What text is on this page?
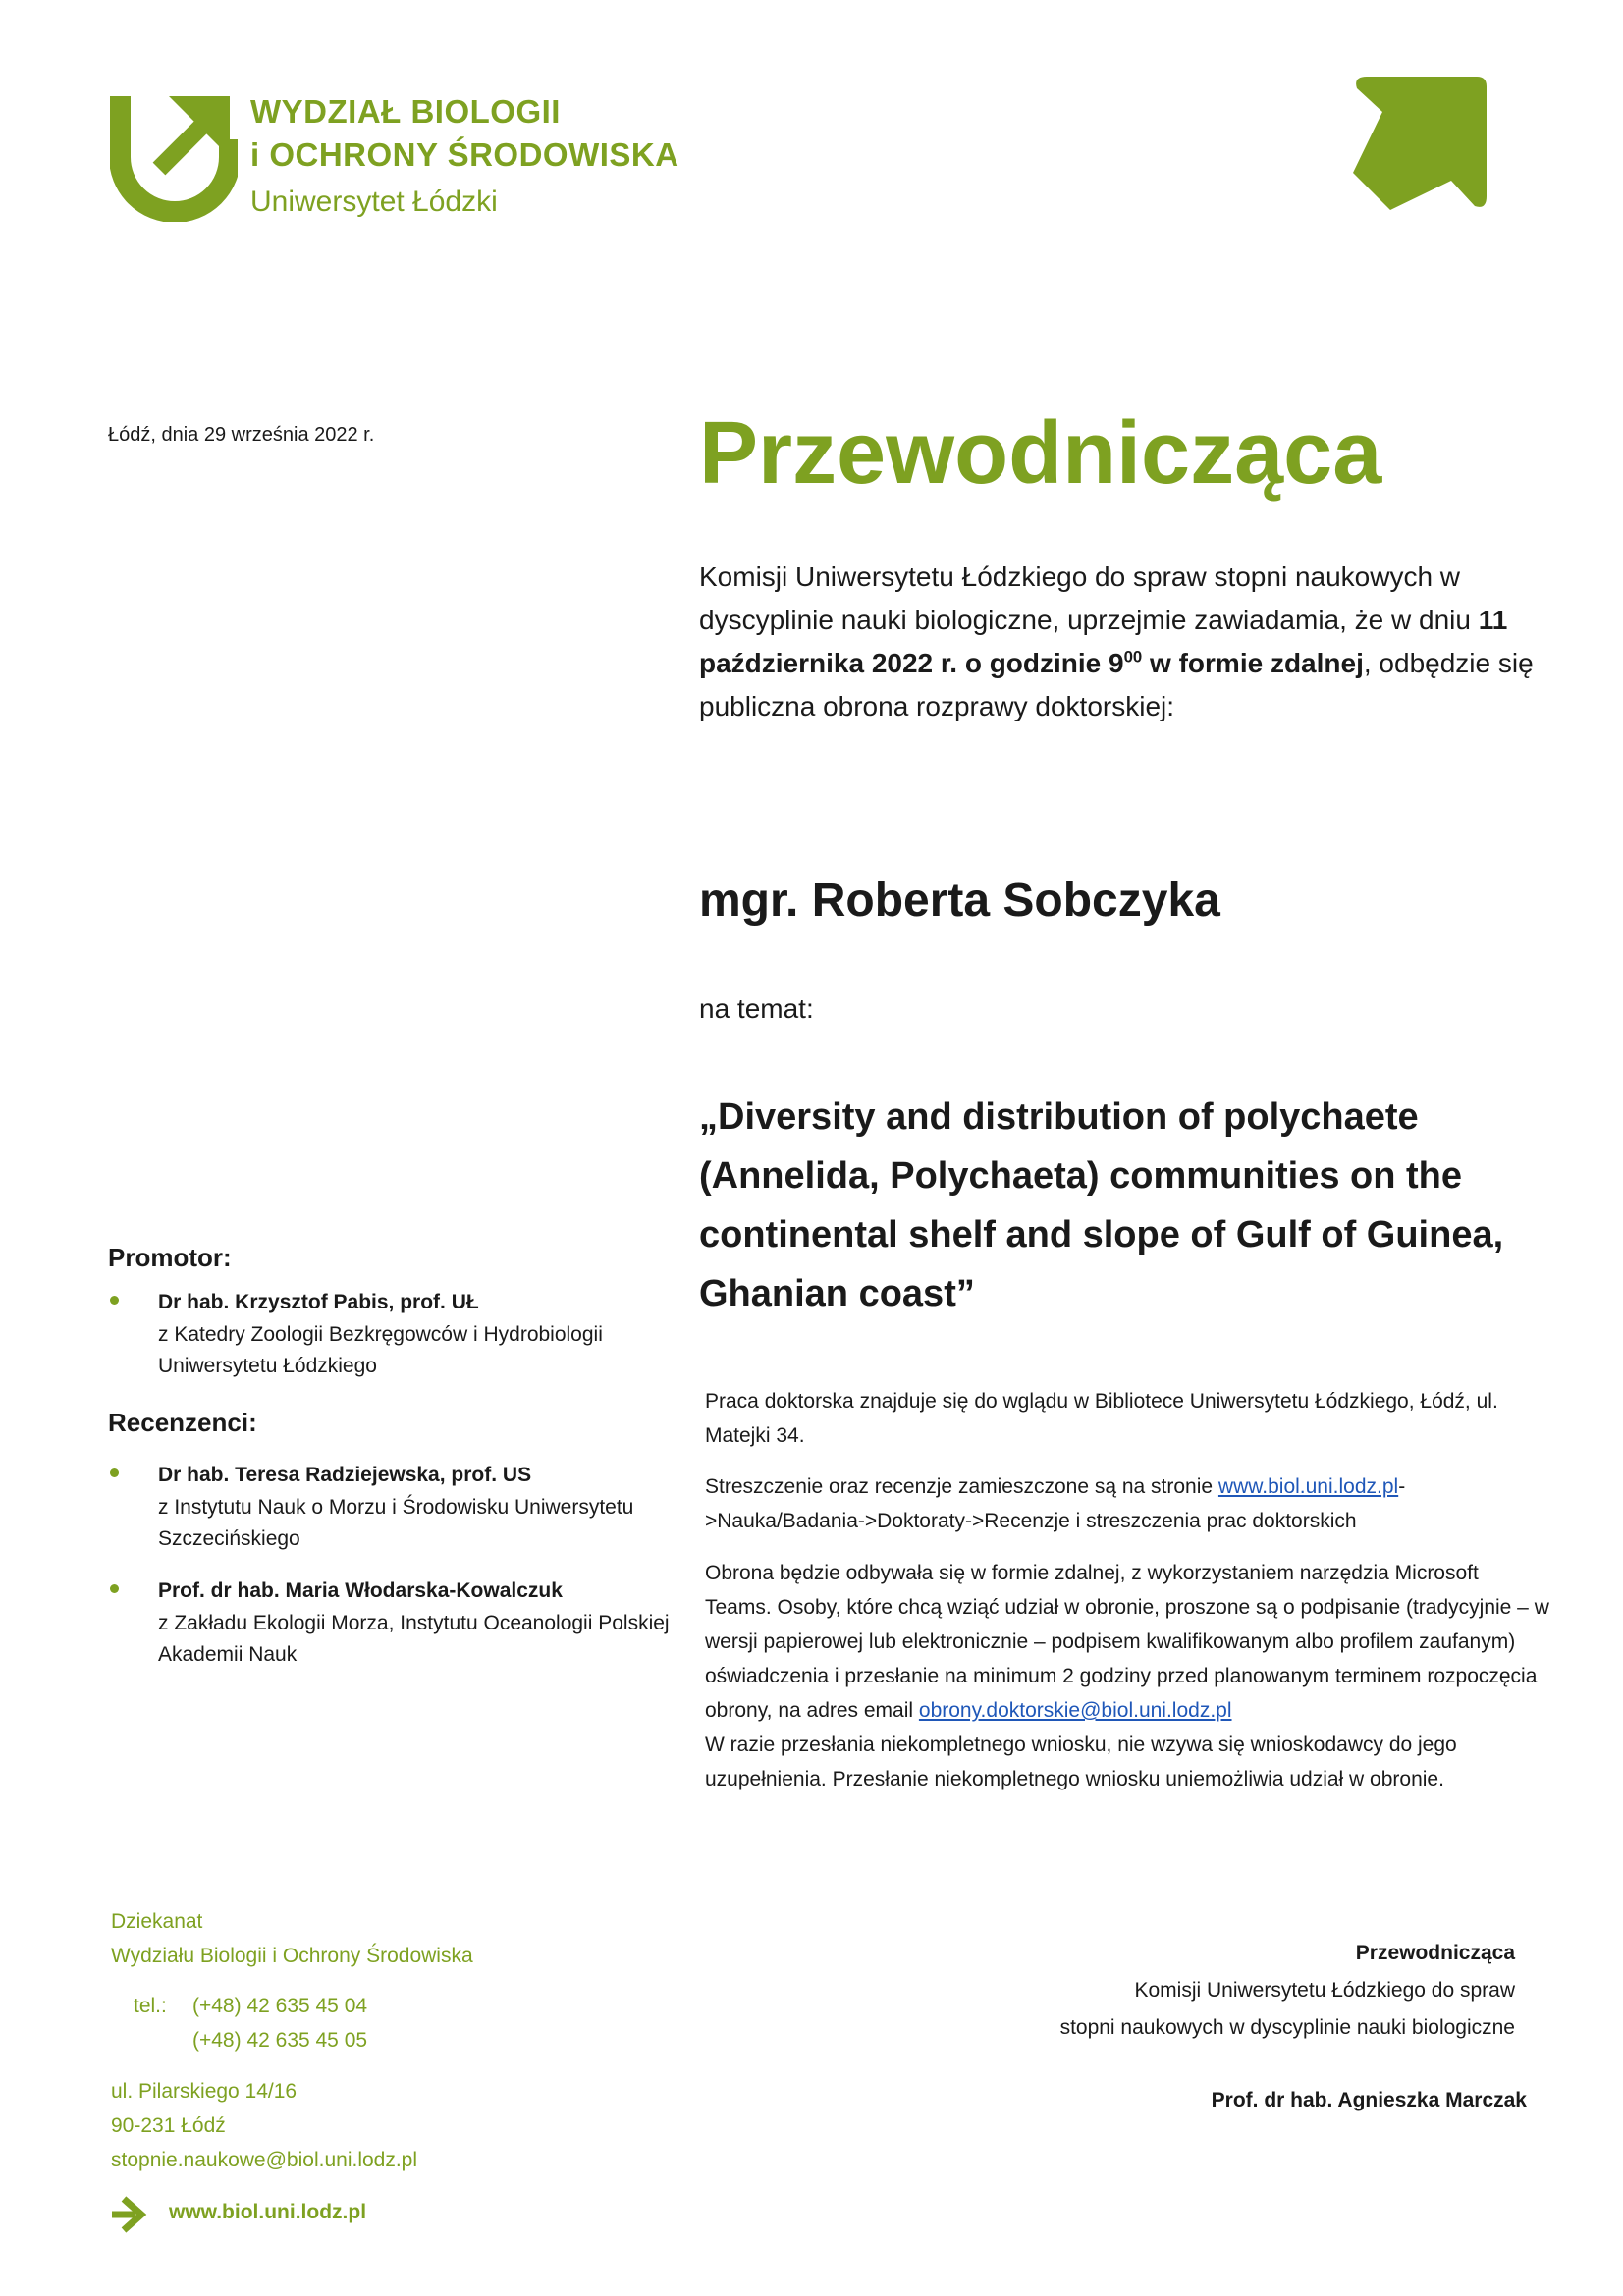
WYDZIAŁ BIOLOGII
i OCHRONY ŚRODOWISKA
Uniwersytet Łódzki
Łódź, dnia 29 września 2022 r.	Przewodnicząca
Komisji Uniwersytetu Łódzkiego do spraw stopni naukowych w dyscyplinie nauki biologiczne, uprzejmie zawiadamia, że w dniu 11 października 2022 r. o godzinie $9^{00}$ w formie zdalnej, odbędzie się publiczna obrona rozprawy doktorskiej:
mgr. Roberta Sobczyka
na temat:
„Diversity and distribution of polychaete (Annelida, Polychaeta) communities on the continental shelf and slope of Gulf of Guinea, Ghanian coast”
Promotor:
Dr hab. Krzysztof Pabis, prof. UŁ
z Katedry Zoologii Bezkręgowców i Hydrobiologii Uniwersytetu Łódzkiego
Recenzenci:
Dr hab. Teresa Radziejewska, prof. US
z Instytutu Nauk o Morzu i Środowisku Uniwersytetu Szczecińskiego
Prof. dr hab. Maria Włodarska-Kowalczuk
z Zakładu Ekologii Morza, Instytutu Oceanologii Polskiej Akademii Nauk
Praca doktorska znajduje się do wglądu w Bibliotece Uniwersytetu Łódzkiego, Łódź, ul. Matejki 34.
Streszczenie oraz recenzje zamieszczone są na stronie www.biol.uni.lodz.pl->Nauka/Badania->Doktoraty->Recenzje i streszczenia prac doktorskich
Obrona będzie odbywała się w formie zdalnej, z wykorzystaniem narzędzia Microsoft Teams. Osoby, które chcą wziąć udział w obronie, proszone są o podpisanie (tradycyjnie – w wersji papierowej lub elektronicznie – podpisem kwalifikowanym albo profilem zaufanym) oświadczenia i przesłanie na minimum 2 godziny przed planowanym terminem rozpoczęcia obrony, na adres email obrony.doktorskie@biol.uni.lodz.pl
W razie przesłania niekompletnego wniosku, nie wzywa się wnioskodawcy do jego uzupełnienia. Przesłanie niekompletnego wniosku uniemożliwia udział w obronie.
Dziekanat
Wydziału Biologii i Ochrony Środowiska
tel.: (+48) 42 635 45 04
(+48) 42 635 45 05
ul. Pilarskiego 14/16
90-231 Łódź
stopnie.naukowe@biol.uni.lodz.pl
www.biol.uni.lodz.pl
Przewodnicząca
Komisji Uniwersytetu Łódzkiego do spraw
stopni naukowych w dyscyplinie nauki biologiczne
Prof. dr hab. Agnieszka Marczak
